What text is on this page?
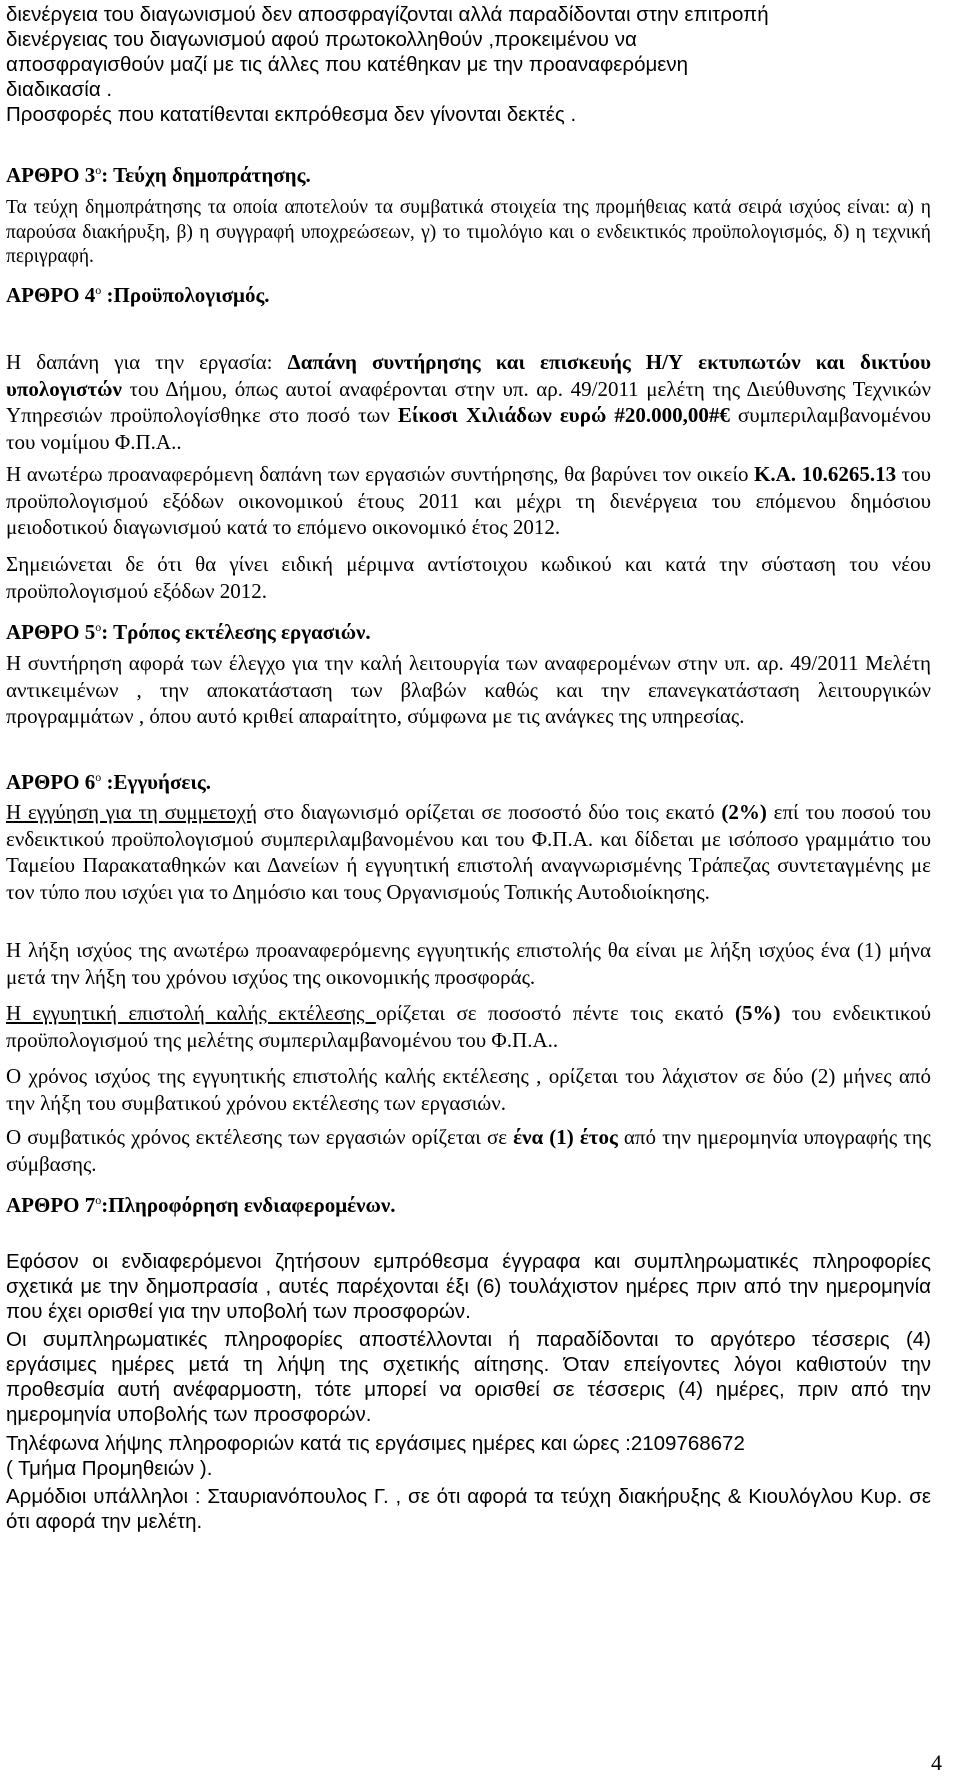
διενέργεια του διαγωνισμού δεν αποσφραγίζονται αλλά παραδίδονται στην επιτροπή
διενέργειας του διαγωνισμού αφού πρωτοκολληθούν ,προκειμένου να
αποσφραγισθούν μαζί με τις άλλες που κατέθηκαν με την προαναφερόμενη
διαδικασία .
Προσφορές που κατατίθενται εκπρόθεσμα δεν γίνονται δεκτές .
ΑΡΘΡΟ $3^o$: Τεύχη δημοπράτησης.

Τα τεύχη δημοπράτησης τα οποία αποτελούν τα συμβατικά στοιχεία της προμήθειας κατά σειρά ισχύος είναι: α) η παρούσα διακήρυξη, β) η συγγραφή υποχρεώσεων, γ) το τιμολόγιο και ο ενδεικτικός προϋπολογισμός, δ) η τεχνική περιγραφή.

ΑΡΘΡΟ $4^o$ :Προϋπολογισμός.

Η δαπάνη για την εργασία: Δαπάνη συντήρησης και επισκευής Η/Υ εκτυπωτών και δικτύου υπολογιστών του Δήμου, όπως αυτοί αναφέρονται στην υπ. αρ. 49/2011 μελέτη της Διεύθυνσης Τεχνικών Υπηρεσιών προϋπολογίσθηκε στο ποσό των Είκοσι Χιλιάδων ευρώ #20.000,00#€ συμπεριλαμβανομένου του νομίμου Φ.Π.Α..

Η ανωτέρω προαναφερόμενη δαπάνη των εργασιών συντήρησης, θα βαρύνει τον οικείο Κ.Α. 10.6265.13 του προϋπολογισμού εξόδων οικονομικού έτους 2011 και μέχρι τη διενέργεια του επόμενου δημόσιου μειοδοτικού διαγωνισμού κατά το επόμενο οικονομικό έτος 2012.

Σημειώνεται δε ότι θα γίνει ειδική μέριμνα αντίστοιχου κωδικού και κατά την σύσταση του νέου προϋπολογισμού εξόδων 2012.

ΑΡΘΡΟ $5^o$: Τρόπος εκτέλεσης εργασιών.

Η συντήρηση αφορά των έλεγχο για την καλή λειτουργία των αναφερομένων στην υπ. αρ. 49/2011 Μελέτη αντικειμένων , την αποκατάσταση των βλαβών καθώς και την επανεγκατάσταση λειτουργικών προγραμμάτων , όπου αυτό κριθεί απαραίτητο, σύμφωνα με τις ανάγκες της υπηρεσίας.

ΑΡΘΡΟ $6^o$ :Εγγυήσεις.

Η εγγύηση για τη συμμετοχή στο διαγωνισμό ορίζεται σε ποσοστό δύο τοις εκατό (2%) επί του ποσού του ενδεικτικού προϋπολογισμού συμπεριλαμβανομένου και του Φ.Π.Α. και δίδεται με ισόποσο γραμμάτιο του Ταμείου Παρακαταθηκών και Δανείων ή εγγυητική επιστολή αναγνωρισμένης Τράπεζας συντεταγμένης με τον τύπο που ισχύει για το Δημόσιο και τους Οργανισμούς Τοπικής Αυτοδιοίκησης.

Η λήξη ισχύος της ανωτέρω προαναφερόμενης εγγυητικής επιστολής θα είναι με λήξη ισχύος ένα (1) μήνα μετά την λήξη του χρόνου ισχύος της οικονομικής προσφοράς.

Η εγγυητική επιστολή καλής εκτέλεσης ορίζεται σε ποσοστό πέντε τοις εκατό (5%) του ενδεικτικού προϋπολογισμού της μελέτης συμπεριλαμβανομένου του Φ.Π.Α..

Ο χρόνος ισχύος της εγγυητικής επιστολής καλής εκτέλεσης , ορίζεται του λάχιστον σε δύο (2) μήνες από την λήξη του συμβατικού χρόνου εκτέλεσης των εργασιών.

Ο συμβατικός χρόνος εκτέλεσης των εργασιών ορίζεται σε ένα (1) έτος από την ημερομηνία υπογραφής της σύμβασης.

ΑΡΘΡΟ $7^o:\Pi\lambda\eta\rho o\varphi ό\rho\eta\sigma\eta$ ενδιαφερομένων.

Εφόσον οι ενδιαφερόμενοι ζητήσουν εμπρόθεσμα έγγραφα και συμπληρωματικές πληροφορίες σχετικά με την δημοπρασία , αυτές παρέχονται έξι (6) τουλάχιστον ημέρες πριν από την ημερομηνία που έχει ορισθεί για την υποβολή των προσφορών.

Οι συμπληρωματικές πληροφορίες αποστέλλονται ή παραδίδονται το αργότερο τέσσερις (4) εργάσιμες ημέρες μετά τη λήψη της σχετικής αίτησης. Όταν επείγοντες λόγοι καθιστούν την προθεσμία αυτή ανέφαρμοστη, τότε μπορεί να ορισθεί σε τέσσερις (4) ημέρες, πριν από την ημερομηνία υποβολής των προσφορών.

Τηλέφωνα λήψης πληροφοριών κατά τις εργάσιμες ημέρες και ώρες :2109768672
( Τμήμα Προμηθειών ).

Αρμόδιοι υπάλληλοι : Σταυριανόπουλος Γ. , σε ότι αφορά τα τεύχη διακήρυξης & Κιουλόγλου Κυρ. σε ότι αφορά την μελέτη.

4
